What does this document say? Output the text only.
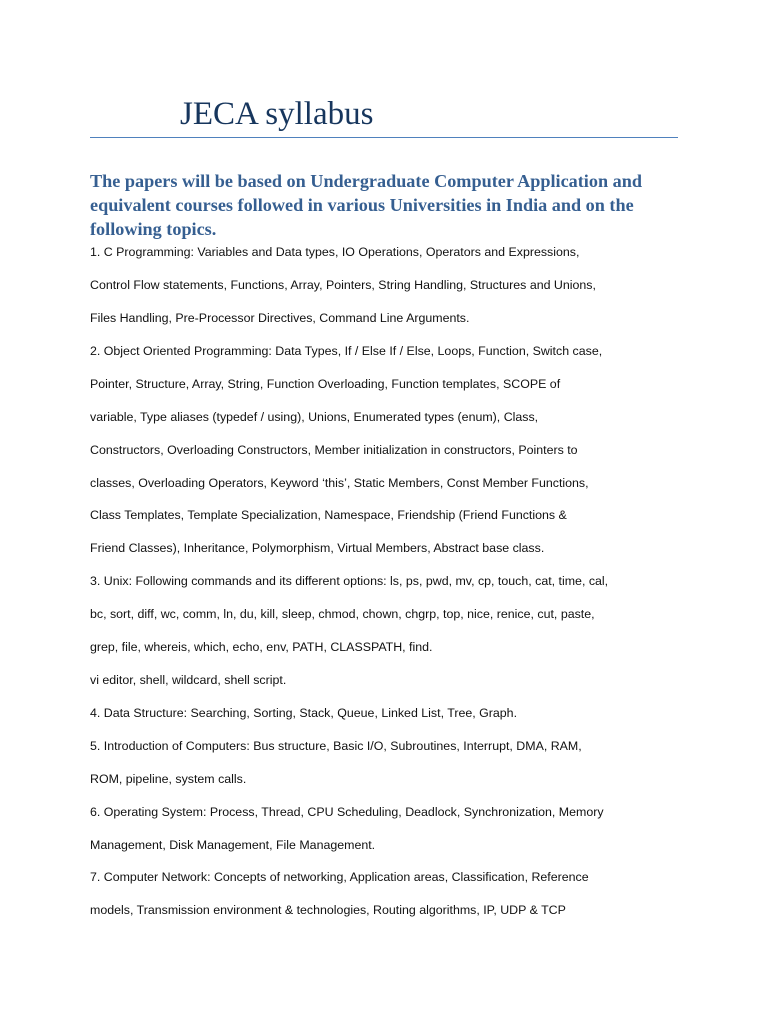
JECA syllabus

The papers will be based on Undergraduate Computer Application and equivalent courses followed in various Universities in India and on the following topics.

1. C Programming: Variables and Data types, IO Operations, Operators and Expressions,

Control Flow statements, Functions, Array, Pointers, String Handling, Structures and Unions,

Files Handling, Pre-Processor Directives, Command Line Arguments.

2. Object Oriented Programming: Data Types, If / Else If / Else, Loops, Function, Switch case,

Pointer, Structure, Array, String, Function Overloading, Function templates, SCOPE of

variable, Type aliases (typedef / using), Unions, Enumerated types (enum), Class,

Constructors, Overloading Constructors, Member initialization in constructors, Pointers to

classes, Overloading Operators, Keyword ‘this’, Static Members, Const Member Functions,

Class Templates, Template Specialization, Namespace, Friendship (Friend Functions &

Friend Classes), Inheritance, Polymorphism, Virtual Members, Abstract base class.

3. Unix: Following commands and its different options: ls, ps, pwd, mv, cp, touch, cat, time, cal,

bc, sort, diff, wc, comm, ln, du, kill, sleep, chmod, chown, chgrp, top, nice, renice, cut, paste,

grep, file, whereis, which, echo, env, PATH, CLASSPATH, find.

vi editor, shell, wildcard, shell script.

4. Data Structure: Searching, Sorting, Stack, Queue, Linked List, Tree, Graph.

5. Introduction of Computers: Bus structure, Basic I/O, Subroutines, Interrupt, DMA, RAM,

ROM, pipeline, system calls.

6. Operating System: Process, Thread, CPU Scheduling, Deadlock, Synchronization, Memory

Management, Disk Management, File Management.

7. Computer Network: Concepts of networking, Application areas, Classification, Reference

models, Transmission environment & technologies, Routing algorithms, IP, UDP & TCP
